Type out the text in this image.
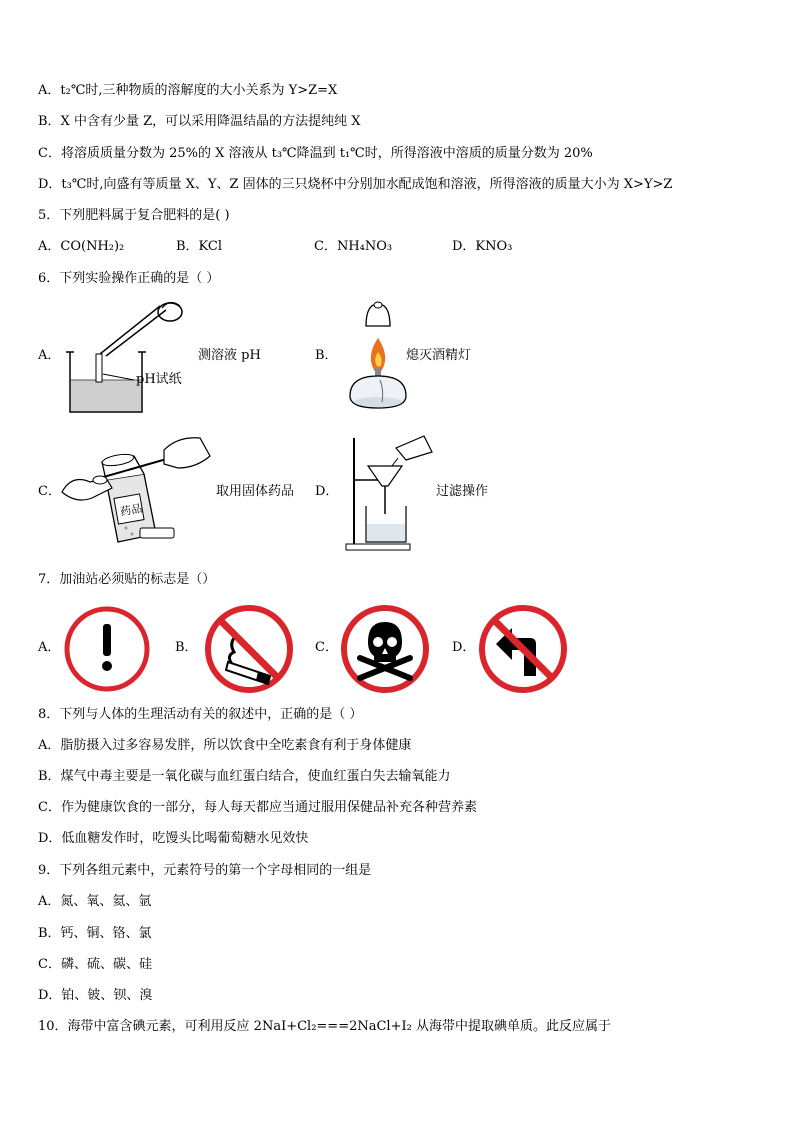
A．t₂℃时,三种物质的溶解度的大小关系为 Y>Z=X
B．X 中含有少量 Z，可以采用降温结晶的方法提纯纯 X
C．将溶质质量分数为 25%的 X 溶液从 t₃℃降温到 t₁℃时，所得溶液中溶质的质量分数为 20%
D．t₃℃时,向盛有等质量 X、Y、Z 固体的三只烧杯中分别加水配成饱和溶液，所得溶液的质量大小为 X>Y>Z
5．下列肥料属于复合肥料的是( )
A．CO(NH₂)₂	B．KCl	C．NH₄NO₃	D．KNO₃
6．下列实验操作正确的是（ ）
A．
pH试纸
测溶液 pH	B．	熄灭酒精灯
C．
药品
取用固体药品 D．	过滤操作
7．加油站必须贴的标志是（）
A．	B．	C．	D．
8．下列与人体的生理活动有关的叙述中，正确的是（ ）
A．脂肪摄入过多容易发胖，所以饮食中全吃素食有利于身体健康
B．煤气中毒主要是一氧化碳与血红蛋白结合，使血红蛋白失去输氧能力
C．作为健康饮食的一部分，每人每天都应当通过服用保健品补充各种营养素
D．低血糖发作时，吃馒头比喝葡萄糖水见效快
9．下列各组元素中，元素符号的第一个字母相同的一组是
A．氮、氧、氦、氩
B．钙、铜、铬、氯
C．磷、硫、碳、硅
D．铂、铍、钡、溴
10．海带中富含碘元素，可利用反应 2NaI+Cl₂===2NaCl+I₂ 从海带中提取碘单质。此反应属于
